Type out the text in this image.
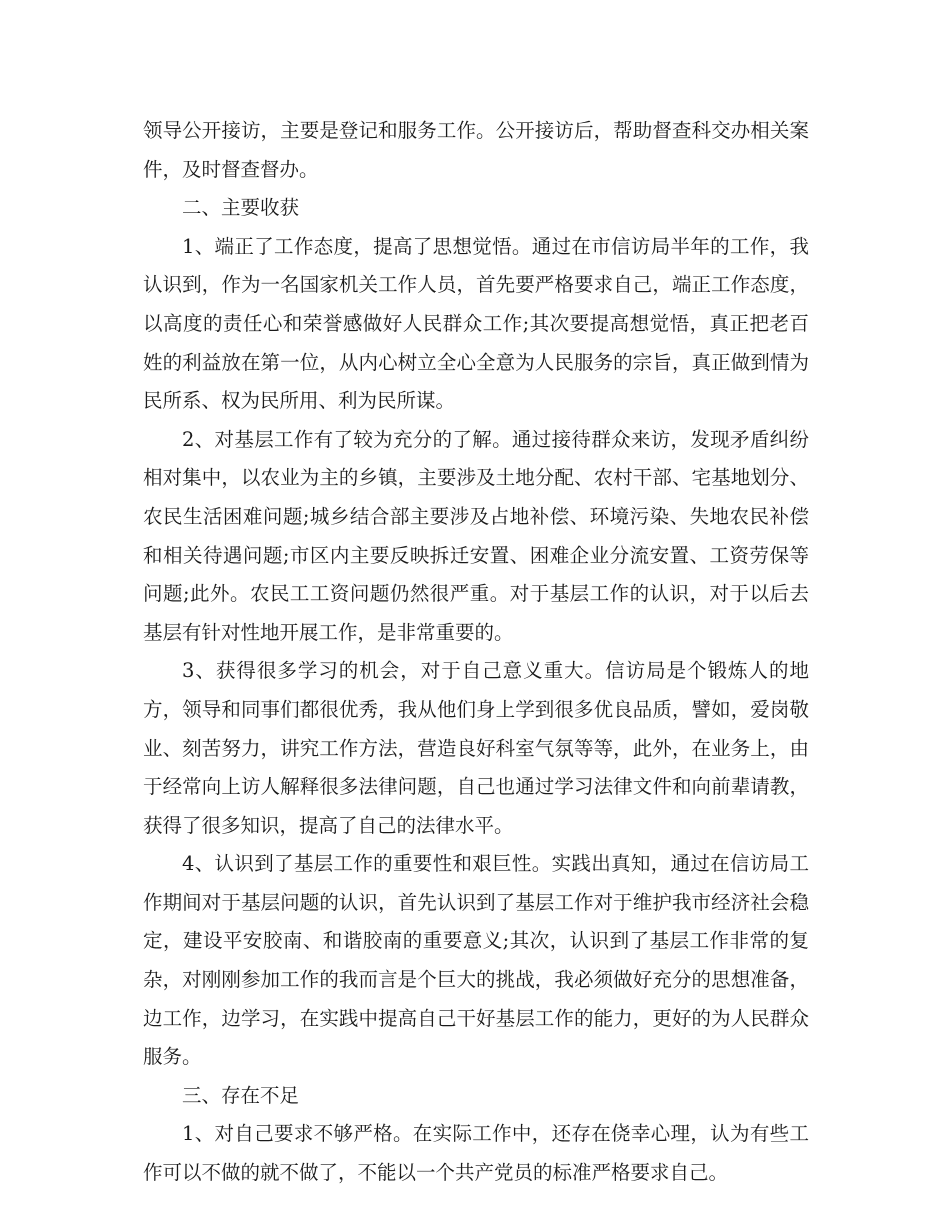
领导公开接访，主要是登记和服务工作。公开接访后，帮助督查科交办相关案件，及时督查督办。

二、主要收获

1、端正了工作态度，提高了思想觉悟。通过在市信访局半年的工作，我认识到，作为一名国家机关工作人员，首先要严格要求自己，端正工作态度，以高度的责任心和荣誉感做好人民群众工作;其次要提高想觉悟，真正把老百姓的利益放在第一位，从内心树立全心全意为人民服务的宗旨，真正做到情为民所系、权为民所用、利为民所谋。

2、对基层工作有了较为充分的了解。通过接待群众来访，发现矛盾纠纷相对集中，以农业为主的乡镇，主要涉及土地分配、农村干部、宅基地划分、农民生活困难问题;城乡结合部主要涉及占地补偿、环境污染、失地农民补偿和相关待遇问题;市区内主要反映拆迁安置、困难企业分流安置、工资劳保等问题;此外。农民工工资问题仍然很严重。对于基层工作的认识，对于以后去基层有针对性地开展工作，是非常重要的。

3、获得很多学习的机会，对于自己意义重大。信访局是个锻炼人的地方，领导和同事们都很优秀，我从他们身上学到很多优良品质，譬如，爱岗敬业、刻苦努力，讲究工作方法，营造良好科室气氛等等，此外，在业务上，由于经常向上访人解释很多法律问题，自己也通过学习法律文件和向前辈请教，获得了很多知识，提高了自己的法律水平。

4、认识到了基层工作的重要性和艰巨性。实践出真知，通过在信访局工作期间对于基层问题的认识，首先认识到了基层工作对于维护我市经济社会稳定，建设平安胶南、和谐胶南的重要意义;其次，认识到了基层工作非常的复杂，对刚刚参加工作的我而言是个巨大的挑战，我必须做好充分的思想准备，边工作，边学习，在实践中提高自己干好基层工作的能力，更好的为人民群众服务。

三、存在不足

1、对自己要求不够严格。在实际工作中，还存在侥幸心理，认为有些工作可以不做的就不做了，不能以一个共产党员的标准严格要求自己。
